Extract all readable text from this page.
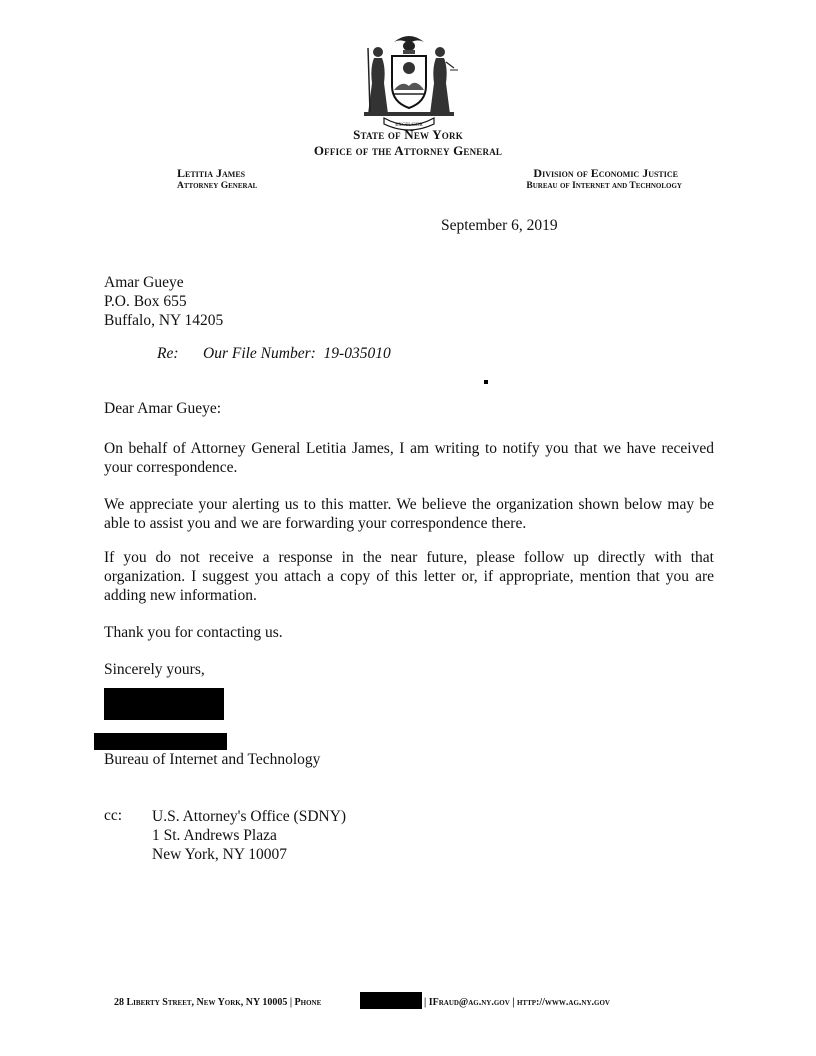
EXCELSIOR
State of New York
Office of the Attorney General
Letitia James
Attorney General
Division of Economic Justice
Bureau of Internet and Technology
September 6, 2019
Amar Gueye
P.O. Box 655
Buffalo, NY 14205
Re: Our File Number:  19-035010
Dear Amar Gueye:
On behalf of Attorney General Letitia James, I am writing to notify you that we have received your correspondence.
We appreciate your alerting us to this matter. We believe the organization shown below may be able to assist you and we are forwarding your correspondence there.
If you do not receive a response in the near future, please follow up directly with that organization. I suggest you attach a copy of this letter or, if appropriate, mention that you are adding new information.
Thank you for contacting us.
Sincerely yours,
Bureau of Internet and Technology
cc: U.S. Attorney's Office (SDNY)
1 St. Andrews Plaza
New York, NY 10007
28 Liberty Street, New York, NY 10005 | Phone	| IFraud@ag.ny.gov | http://www.ag.ny.gov
